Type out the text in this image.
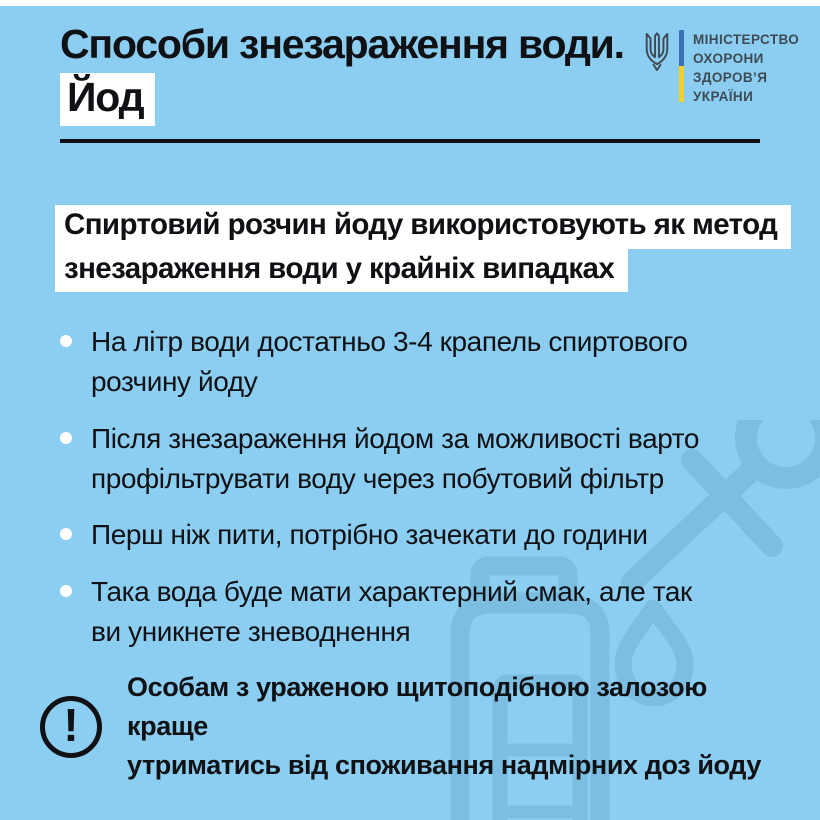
Способи знезараження води.
Йод
МІНІСТЕРСТВО
ОХОРОНИ
ЗДОРОВ’Я
УКРАЇНИ
Спиртовий розчин йоду використовують як метод
знезараження води у крайніх випадках
На літр води достатньо 3-4 крапель спиртового
розчину йоду
Після знезараження йодом за можливості варто
профільтрувати воду через побутовий фільтр
Перш ніж пити, потрібно зачекати до години
Така вода буде мати характерний смак, але так
ви уникнете зневоднення
!
Особам з ураженою щитоподібною залозою краще
утриматись від споживання надмірних доз йоду
